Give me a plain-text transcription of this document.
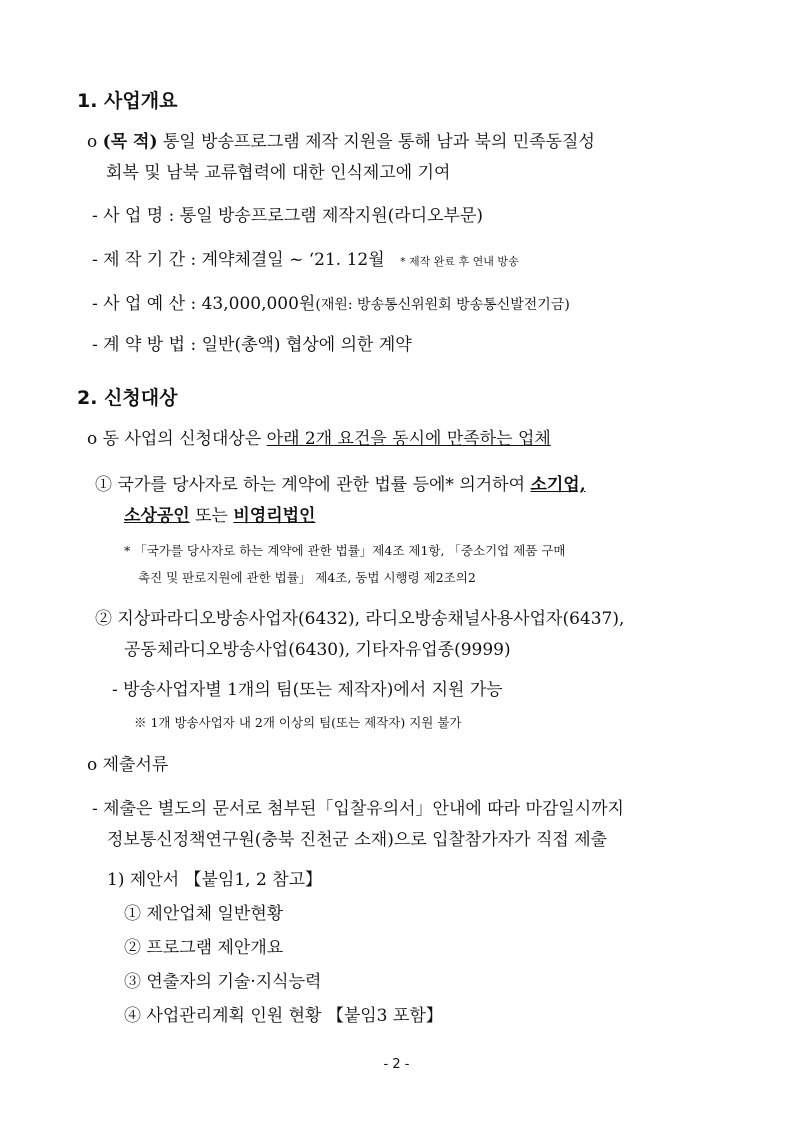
1. 사업개요
o (목 적) 통일 방송프로그램 제작 지원을 통해 남과 북의 민족동질성
회복 및 남북 교류협력에 대한 인식제고에 기여
- 사 업 명 : 통일 방송프로그램 제작지원(라디오부문)
- 제 작 기 간 : 계약체결일 ~ ‘21. 12월 * 제작 완료 후 연내 방송
- 사 업 예 산 : 43,000,000원(재원: 방송통신위원회 방송통신발전기금)
- 계 약 방 법 : 일반(총액) 협상에 의한 계약
2. 신청대상
o 동 사업의 신청대상은 아래 2개 요건을 동시에 만족하는 업체
① 국가를 당사자로 하는 계약에 관한 법률 등에* 의거하여 소기업,
소상공인 또는 비영리법인
* 「국가를 당사자로 하는 계약에 관한 법률」제4조 제1항, 「중소기업 제품 구매
촉진 및 판로지원에 관한 법률」 제4조, 동법 시행령 제2조의2
② 지상파라디오방송사업자(6432), 라디오방송채널사용사업자(6437),
공동체라디오방송사업(6430), 기타자유업종(9999)
- 방송사업자별 1개의 팀(또는 제작자)에서 지원 가능
※ 1개 방송사업자 내 2개 이상의 팀(또는 제작자) 지원 불가
o 제출서류
- 제출은 별도의 문서로 첨부된「입찰유의서」안내에 따라 마감일시까지
정보통신정책연구원(충북 진천군 소재)으로 입찰참가자가 직접 제출
1) 제안서 【붙임1, 2 참고】
① 제안업체 일반현황
② 프로그램 제안개요
③ 연출자의 기술·지식능력
④ 사업관리계획 인원 현황 【붙임3 포함】
- 2 -
